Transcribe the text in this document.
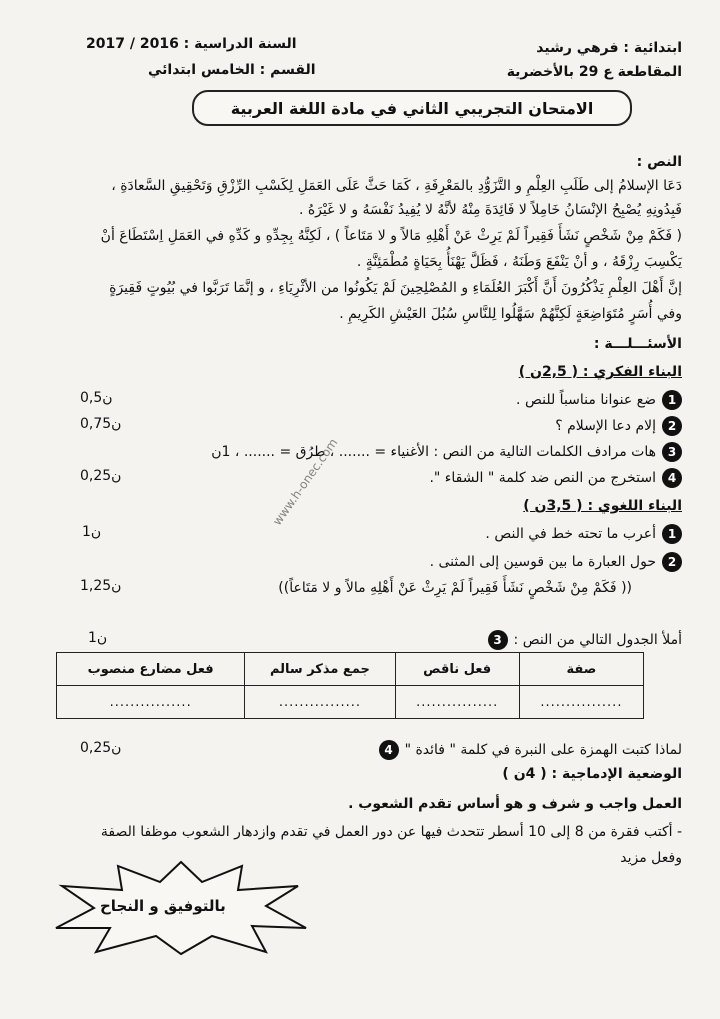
ابتدائية : فرهي رشيد
المقاطعة ع 29 بالأخضرية
السنة الدراسية : 2016 / 2017
القسم : الخامس ابتدائي
الامتحان التجريبي الثاني في مادة اللغة العربية
النص :
دَعَا الإسلامُ إلى طَلَبِ العِلْمِ و التَّزَوُّدِ بالمَعْرِفَةِ ، كَمَا حَثَّ عَلَى العَمَلِ لِكَسْبِ الرِّزْقِ وَتَحْقِيقِ السَّعادَةِ ،
فَبِدُونِهِ يُصْبِحُ الإنْسَانُ خَامِلاً لا فَائِدَةَ مِنْهُ لأنَّهُ لا يُفِيدُ نَفْسَهُ و لا غَيْرَهُ .
( فَكَمْ مِنْ شَخْصٍ نَشَأَ فَقِيراً لَمْ يَرِثْ عَنْ أَهْلِهِ مَالاً و لا مَتَاعاً ) ، لَكِنَّهُ بِجِدِّهِ و كَدِّهِ في العَمَلِ اِسْتَطَاعَ أنْ
يَكْسِبَ رِزْقَهُ ، و أنْ يَنْفَعَ وَطَنَهُ ، فَظَلَّ يَهْنَأُ بِحَيَاةٍ مُطْمَئِنَّةٍ .
إنَّ أَهْلَ العِلْمِ يَذْكُرُونَ أَنَّ أَكْبَرَ العُلَمَاءِ و المُصْلِحِينَ لَمْ يَكُونُوا من الأثْرِيَاءِ ، و إنَّمَا تَرَبَّوا في بُيُوتٍ فَقِيرَةٍ
وفي أُسَرٍ مُتَوَاضِعَةٍ لَكِنَّهُمْ سَهَّلُوا لِلنَّاسِ سُبُلَ العَيْشِ الكَرِيمِ .
الأسئـــلـــة :
البناء الفكري : ( 2,5ن )
1
ضع عنوانا مناسباً للنص .
0,5ن
2
إلام دعا الإسلام ؟
0,75ن
3
هات مرادف الكلمات التالية من النص : الأغنياء = ....... ، طرُق = ....... ، 1ن
4
استخرج من النص ضد كلمة " الشقاء ".
0,25ن
البناء اللغوي : ( 3,5ن )
1
أعرب ما تحته خط في النص .
1ن
2
حول العبارة ما بين قوسين إلى المثنى .
(( فَكَمْ مِنْ شَخْصٍ نَشَأَ فَقِيراً لَمْ يَرِثْ عَنْ أَهْلِهِ مالاً و لا مَتَاعاً))
1,25ن
3 أملأ الجدول التالي من النص :
1ن
صفة	فعل ناقص	جمع مذكر سالم	فعل مضارع منصوب
................	................	................	................
4 لماذا كتبت الهمزة على النبرة في كلمة " فائدة "
0,25ن
الوضعية الإدماجية : ( 4ن )
العمل واجب و شرف و هو أساس تقدم الشعوب .
- أكتب فقرة من 8 إلى 10 أسطر تتحدث فيها عن دور العمل في تقدم وازدهار الشعوب موظفا الصفة
وفعل مزيد
بالتوفيق و النجاح
www.h-onec.com
